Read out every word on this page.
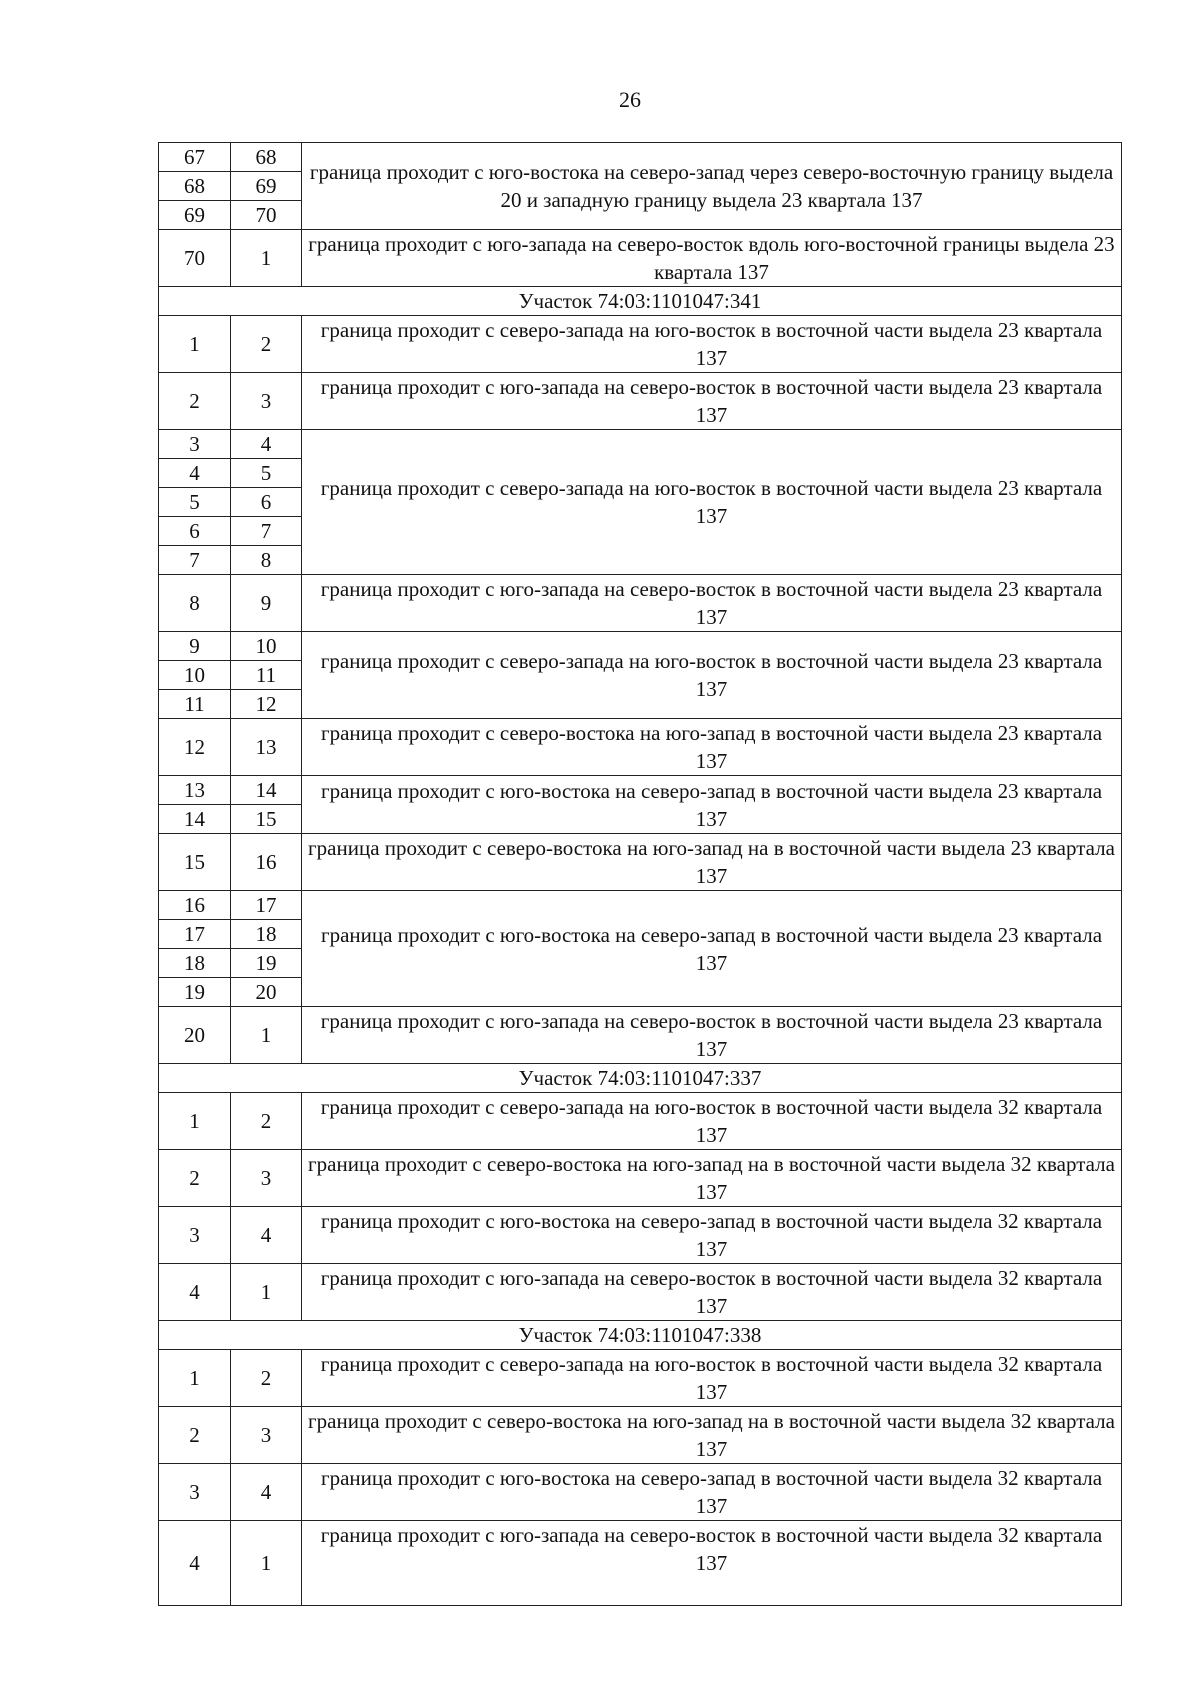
26
67	68	граница проходит с юго-востока на северо-запад через северо-восточную границу выдела 20 и западную границу выдела 23 квартала 137
68	69	
69	70	
70	1	граница проходит с юго-запада на северо-восток вдоль юго-восточной границы выдела 23 квартала 137
Участок 74:03:1101047:341		
1	2	граница проходит с северо-запада на юго-восток в восточной части выдела 23 квартала 137
2	3	граница проходит с юго-запада на северо-восток в восточной части выдела 23 квартала 137
3	4	граница проходит с северо-запада на юго-восток в восточной части выдела 23 квартала 137
4	5	
5	6	
6	7	
7	8	
8	9	граница проходит с юго-запада на северо-восток в восточной части выдела 23 квартала 137
9	10	граница проходит с северо-запада на юго-восток в восточной части выдела 23 квартала 137
10	11	
11	12	
12	13	граница проходит с северо-востока на юго-запад в восточной части выдела 23 квартала 137
13	14	граница проходит с юго-востока на северо-запад в восточной части выдела 23 квартала 137
14	15	
15	16	граница проходит с северо-востока на юго-запад на в восточной части выдела 23 квартала 137
16	17	граница проходит с юго-востока на северо-запад в восточной части выдела 23 квартала 137
17	18	
18	19	
19	20	
20	1	граница проходит с юго-запада на северо-восток в восточной части выдела 23 квартала 137
Участок 74:03:1101047:337		
1	2	граница проходит с северо-запада на юго-восток в восточной части выдела 32 квартала 137
2	3	граница проходит с северо-востока на юго-запад на в восточной части выдела 32 квартала 137
3	4	граница проходит с юго-востока на северо-запад в восточной части выдела 32 квартала 137
4	1	граница проходит с юго-запада на северо-восток в восточной части выдела 32 квартала 137
Участок 74:03:1101047:338		
1	2	граница проходит с северо-запада на юго-восток в восточной части выдела 32 квартала 137
2	3	граница проходит с северо-востока на юго-запад на в восточной части выдела 32 квартала 137
3	4	граница проходит с юго-востока на северо-запад в восточной части выдела 32 квартала 137
4	1	граница проходит с юго-запада на северо-восток в восточной части выдела 32 квартала 137
